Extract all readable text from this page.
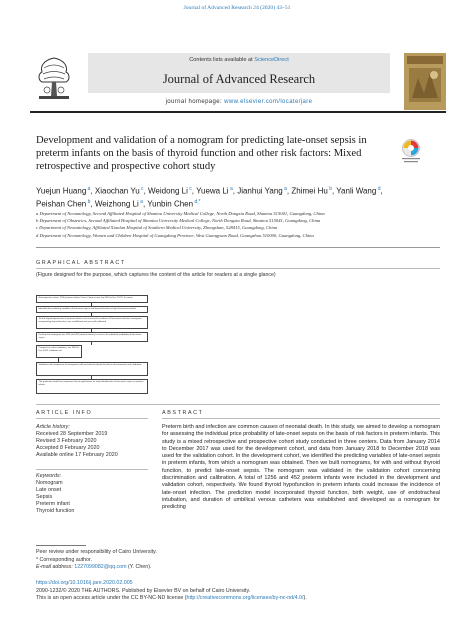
Journal of Advanced Research 24 (2020) 43–51
Contents lists available at ScienceDirect
Journal of Advanced Research
journal homepage: www.elsevier.com/locate/jare
Development and validation of a nomogram for predicting late-onset sepsis in preterm infants on the basis of thyroid function and other risk factors: Mixed retrospective and prospective cohort study
Yuejun Huang $^a$, Xiaochan Yu $^c$, Weidong Li $^c$, Yuewa Li $^a$, Jianhui Yang $^a$, Zhimei Hu $^b$, Yanli Wang $^d$,
Peishan Chen $^b$, Weizhong Li $^a$, Yunbin Chen $^{d,*}$
a Department of Neonatology, Second Affiliated Hospital of Shantou University Medical College, North Dongxia Road, Shantou 515041, Guangdong, China
b Department of Obstetrics, Second Affiliated Hospital of Shantou University Medical College, North Dongxia Road, Shantou 515041, Guangdong, China
c Department of Neonatology, Affiliated Xiaolan Hospital of Southern Medical University, Zhongshan, 528415, Guangdong, China
d Department of Neonatology, Women and Children Hospital of Guangdong Province, West Guangyuan Road, Guangzhou 510000, Guangdong, China
GRAPHICAL ABSTRACT
(Figure designed for the purpose, which captures the content of the article for readers at a single glance)
Retrospective cohort: 1256 preterm infants / three Centers from Jan 2014 to Dec 2017 / 3 centers
Identified the predicting variables of late-onset sepsis and thyroid function in high-risk preterm infants
To find: thyroid dysfunction in preterm infants can increase the incidence of late-onset infection; nomogram incorporating thyroid function was established and was well-calibrated
Develop the nomogram (on 1256 and 452 preterm infants) to assess the individual probability of late-onset sepsis
Prospective cohort validation: Jan 2018 to Dec 2018, validation set
Validation and comparison of nomograms with and without thyroid function in discrimination and calibration
The prediction model has important clinical applications for early identification of late-onset sepsis in preterm infants
ARTICLE INFO	ABSTRACT
Article history:
Received 28 September 2019
Revised 3 February 2020
Accepted 8 February 2020
Available online 17 February 2020
Keywords:
Nomogram
Late onset
Sepsis
Preterm infant
Thyroid function
Preterm birth and infection are common causes of neonatal death. In this study, we aimed to develop a nomogram for assessing the individual price probability of late-onset sepsis on the basis of risk factors in preterm infants. This study is a mixed retrospective and prospective cohort study conducted in three centers. Data from January 2014 to December 2017 was used for the development cohort, and data from January 2018 to December 2018 was used for the validation cohort. In the development cohort, we identified the predicting variables of late-onset sepsis in preterm infants, from which a nomogram was obtained. Then we built nomograms, for with and without thyroid function, to predict late-onset sepsis. The nomogram was validated in the validation cohort concerning discrimination and calibration. A total of 1256 and 452 preterm infants were included in the development and validation cohort, respectively. We found thyroid hypofunction in preterm infants could increase the incidence of late-onset infection. The prediction model incorporated thyroid function, birth weight, use of endotracheal intubation, and duration of umbilical venous catheters was established and developed as a nomogram for predicting
Peer review under responsibility of Cairo University.
* Corresponding author.
E-mail address: 1227099082@qq.com (Y. Chen).
https://doi.org/10.1016/j.jare.2020.02.005
2090-1232/© 2020 THE AUTHORS. Published by Elsevier BV on behalf of Cairo University.
This is an open access article under the CC BY-NC-ND license (http://creativecommons.org/licenses/by-nc-nd/4.0/).
